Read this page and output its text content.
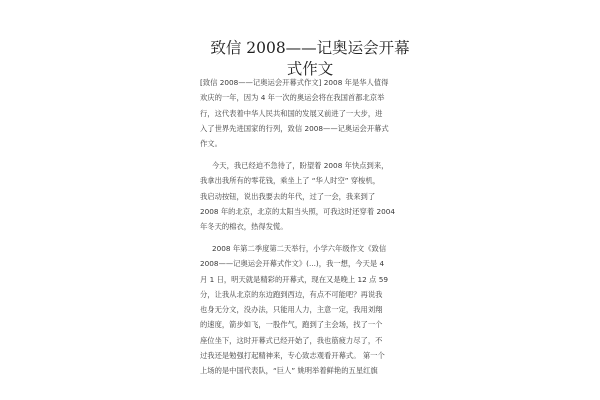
致信 2008——记奥运会开幕
式作文

[致信 2008——记奥运会开幕式作文] 2008 年是华人值得
欢庆的一年，因为 4 年一次的奥运会将在我国首都北京举
行，这代表着中华人民共和国的发展又前进了一大步，进
入了世界先进国家的行列，致信 2008——记奥运会开幕式
作文。

今天，我已经迫不急待了，盼望着 2008 年快点到来，
我拿出我所有的零花钱，乘坐上了 “华人时空” 穿梭机，
我启动按钮，说出我要去的年代，过了一会，我来到了
2008 年的北京，北京的太阳当头照，可我这时还穿着 2004
年冬天的棉衣，热得发慌。

2008 年第二季度第二天举行，小学六年级作文《致信
2008——记奥运会开幕式作文》(...)，我一想，今天是 4
月 1 日，明天就是精彩的开幕式，现在又是晚上 12 点 59
分，让我从北京的东边跑到西边，有点不可能吧？再说我
也身无分文，没办法，只能用人力，主意一定，我用刘翔
的速度，箭步如飞，一股作气，跑到了主会场，找了一个
座位坐下，这时开幕式已经开始了，我也筋疲力尽了，不
过我还是勉强打起精神来，专心致志观看开幕式。 第一个
上场的是中国代表队，“巨人” 姚明举着鲜艳的五星红旗
